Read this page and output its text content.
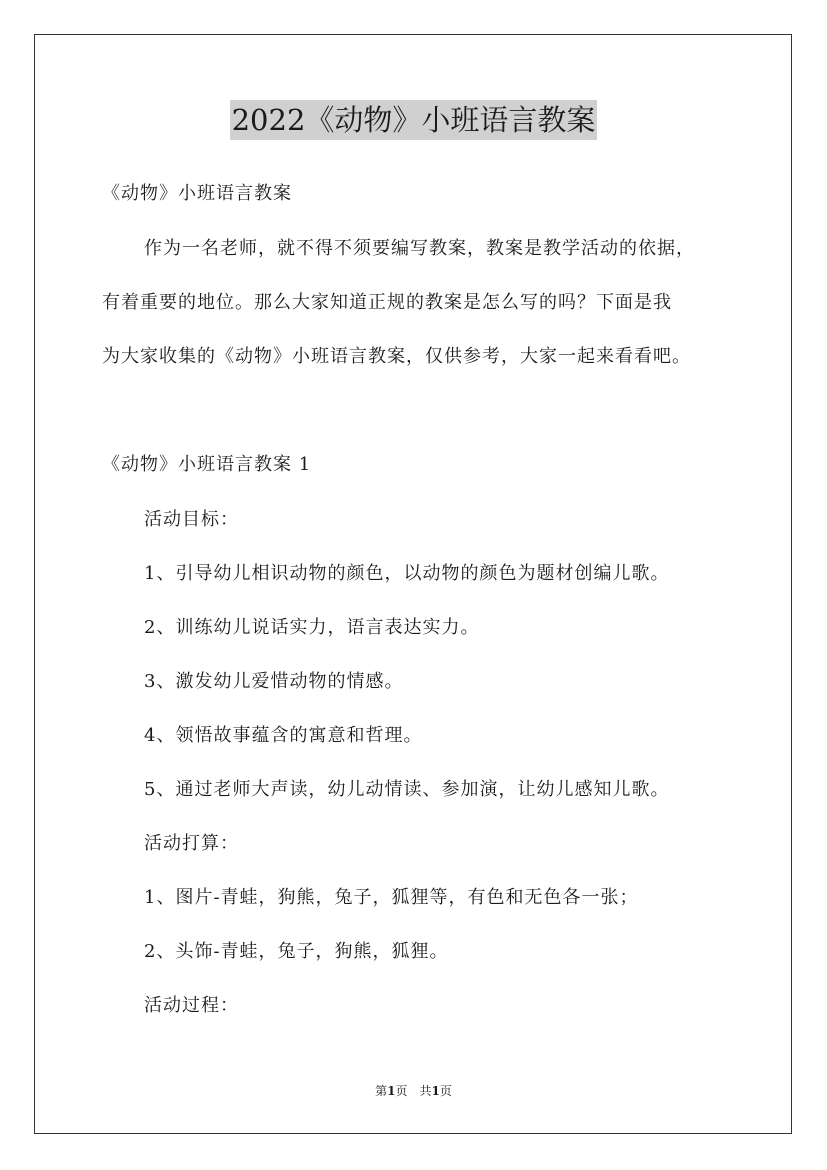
2022《动物》小班语言教案
《动物》小班语言教案
作为一名老师，就不得不须要编写教案，教案是教学活动的依据，
有着重要的地位。那么大家知道正规的教案是怎么写的吗？下面是我
为大家收集的《动物》小班语言教案，仅供参考，大家一起来看看吧。
《动物》小班语言教案 1
活动目标：
1、引导幼儿相识动物的颜色，以动物的颜色为题材创编儿歌。
2、训练幼儿说话实力，语言表达实力。
3、激发幼儿爱惜动物的情感。
4、领悟故事蕴含的寓意和哲理。
5、通过老师大声读，幼儿动情读、参加演，让幼儿感知儿歌。
活动打算：
1、图片-青蛙，狗熊，兔子，狐狸等，有色和无色各一张；
2、头饰-青蛙，兔子，狗熊，狐狸。
活动过程：
第1页　共1页
